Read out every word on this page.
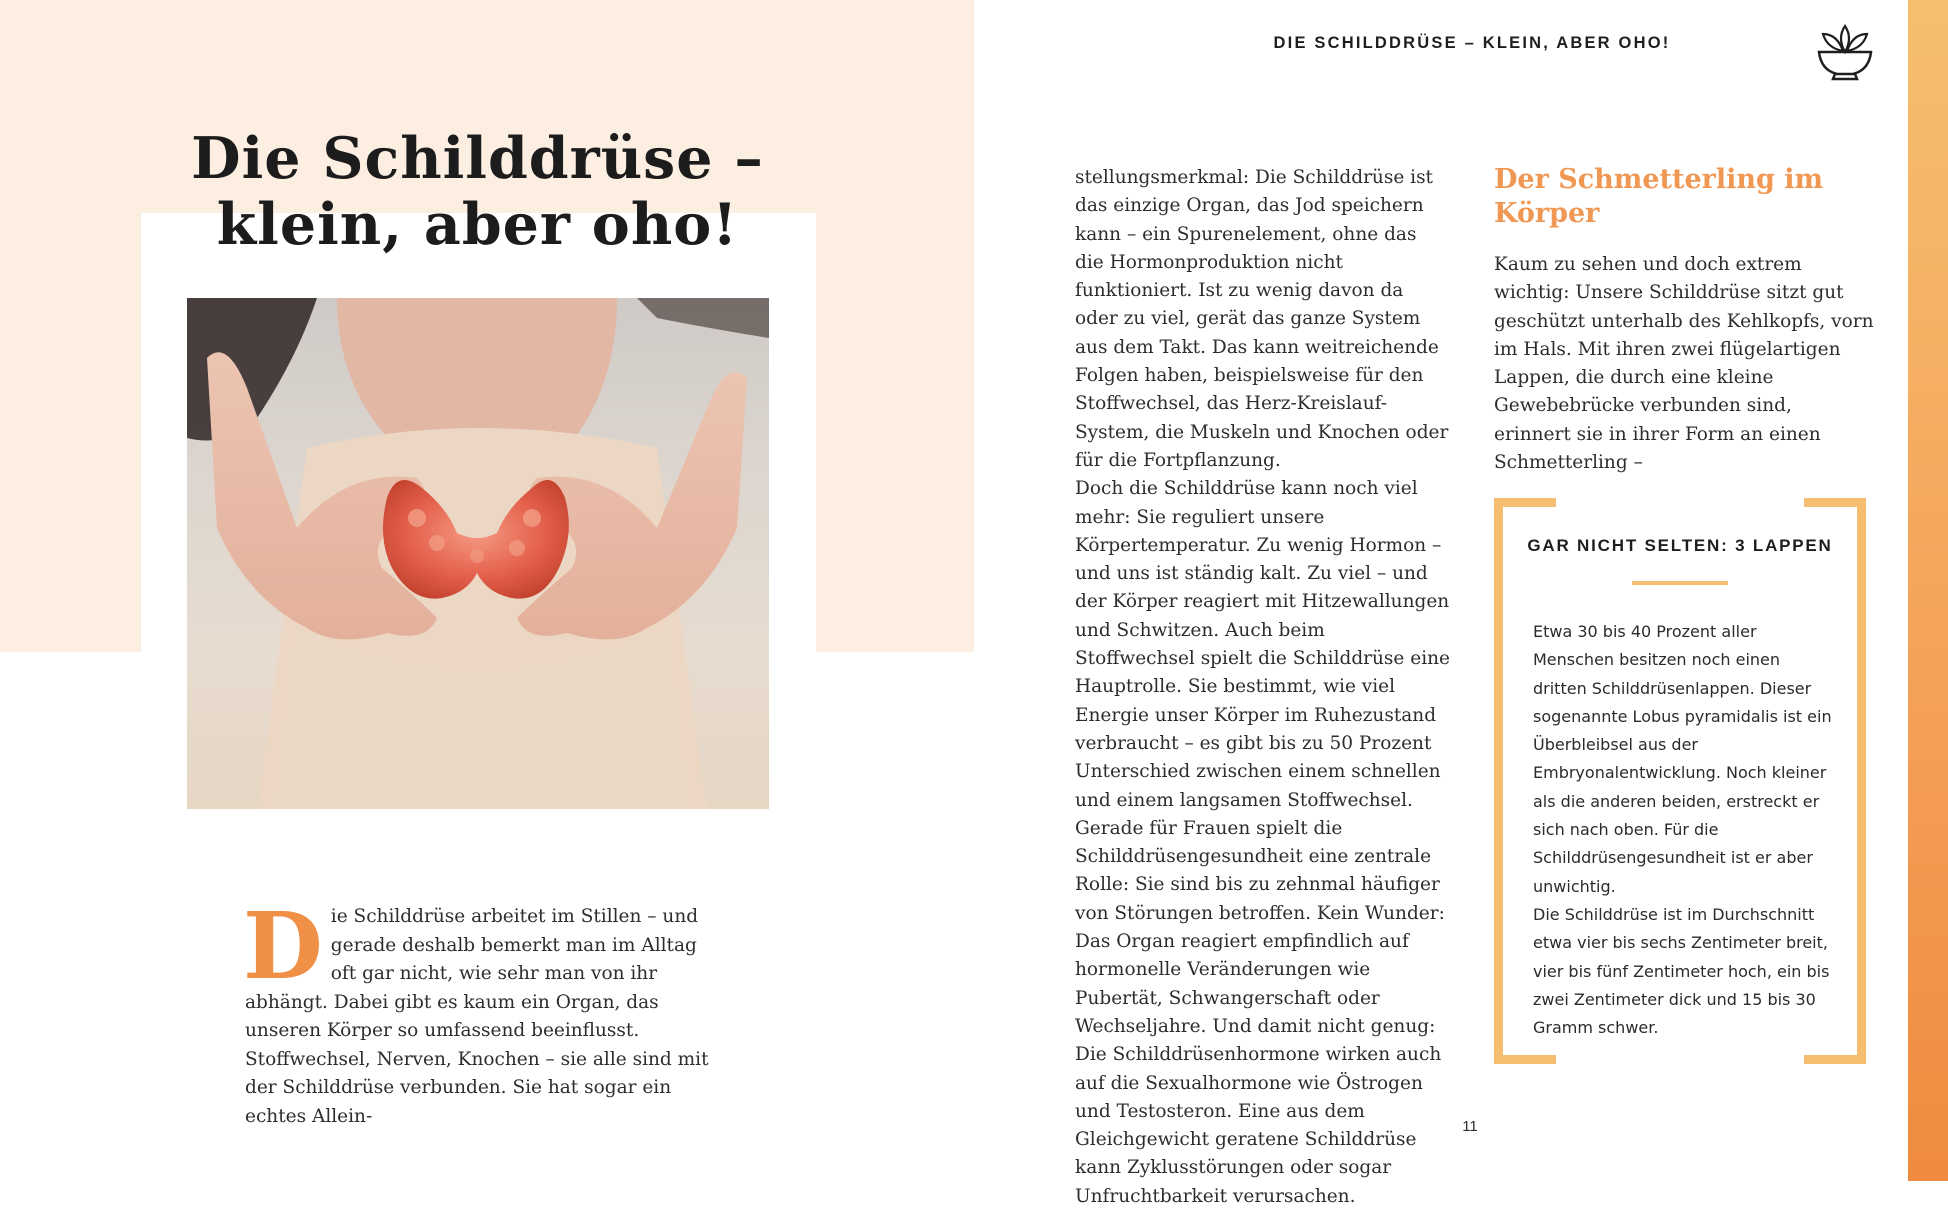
Die Schilddrüse –
klein, aber oho!
Die Schilddrüse arbeitet im Stillen – und gerade deshalb bemerkt man im Alltag oft gar nicht, wie sehr man von ihr abhängt. Dabei gibt es kaum ein Organ, das unseren Körper so umfassend beeinflusst. Stoffwechsel, Nerven, Knochen – sie alle sind mit der Schilddrüse verbunden. Sie hat sogar ein echtes Allein-
DIE SCHILDDRÜSE – KLEIN, ABER OHO!

stellungsmerkmal: Die Schilddrüse ist das einzige Organ, das Jod speichern kann – ein Spurenelement, ohne das die Hormonproduktion nicht funktioniert. Ist zu wenig davon da oder zu viel, gerät das ganze System aus dem Takt. Das kann weitreichende Folgen haben, beispielsweise für den Stoffwechsel, das Herz-Kreislauf-System, die Muskeln und Knochen oder für die Fortpflanzung.

Doch die Schilddrüse kann noch viel mehr: Sie reguliert unsere Körpertemperatur. Zu wenig Hormon – und uns ist ständig kalt. Zu viel – und der Körper reagiert mit Hitzewallungen und Schwitzen. Auch beim Stoffwechsel spielt die Schilddrüse eine Hauptrolle. Sie bestimmt, wie viel Energie unser Körper im Ruhezustand verbraucht – es gibt bis zu 50 Prozent Unterschied zwischen einem schnellen und einem langsamen Stoffwechsel.

Gerade für Frauen spielt die Schilddrüsengesundheit eine zentrale Rolle: Sie sind bis zu zehnmal häufiger von Störungen betroffen. Kein Wunder: Das Organ reagiert empfindlich auf hormonelle Veränderungen wie Pubertät, Schwangerschaft oder Wechseljahre. Und damit nicht genug: Die Schilddrüsenhormone wirken auch auf die Sexualhormone wie Östrogen und Testosteron. Eine aus dem Gleichgewicht geratene Schilddrüse kann Zyklusstörungen oder sogar Unfruchtbarkeit verursachen.

Der Schmetterling im Körper

Kaum zu sehen und doch extrem wichtig: Unsere Schilddrüse sitzt gut geschützt unterhalb des Kehlkopfs, vorn im Hals. Mit ihren zwei flügelartigen Lappen, die durch eine kleine Gewebebrücke verbunden sind, erinnert sie in ihrer Form an einen Schmetterling –

GAR NICHT SELTEN: 3 LAPPEN

Etwa 30 bis 40 Prozent aller Menschen besitzen noch einen dritten Schilddrüsenlappen. Dieser sogenannte Lobus pyramidalis ist ein Überbleibsel aus der Embryonalentwicklung. Noch kleiner als die anderen beiden, erstreckt er sich nach oben. Für die Schilddrüsengesundheit ist er aber unwichtig.

Die Schilddrüse ist im Durchschnitt etwa vier bis sechs Zentimeter breit, vier bis fünf Zentimeter hoch, ein bis zwei Zentimeter dick und 15 bis 30 Gramm schwer.

11
